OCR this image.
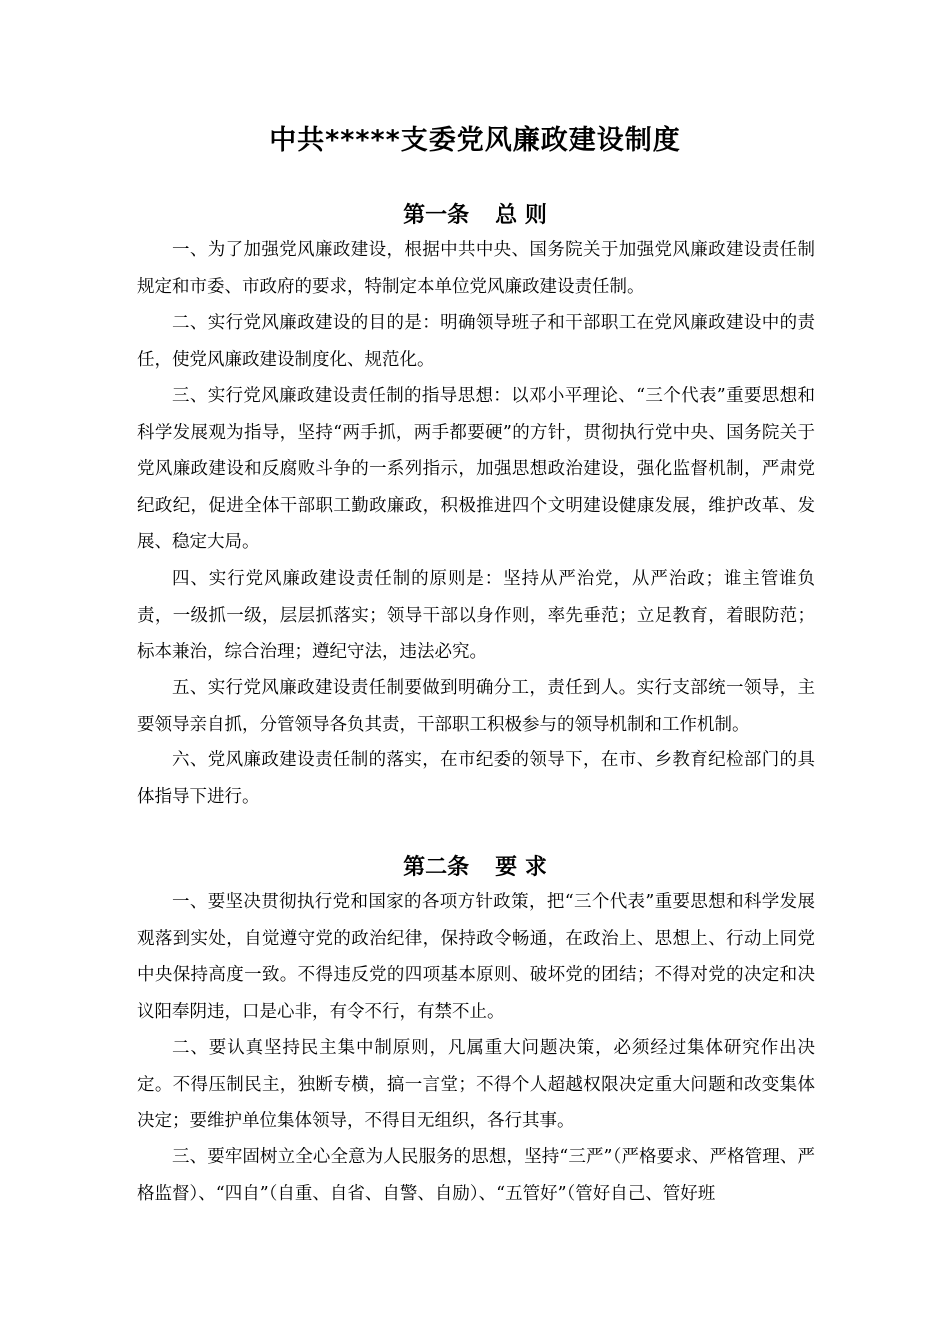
中共*****支委党风廉政建设制度
第一条 总 则

一、为了加强党风廉政建设，根据中共中央、国务院关于加强党风廉政建设责任制规定和市委、市政府的要求，特制定本单位党风廉政建设责任制。

二、实行党风廉政建设的目的是：明确领导班子和干部职工在党风廉政建设中的责任，使党风廉政建设制度化、规范化。

三、实行党风廉政建设责任制的指导思想：以邓小平理论、“三个代表”重要思想和科学发展观为指导，坚持“两手抓，两手都要硬”的方针，贯彻执行党中央、国务院关于党风廉政建设和反腐败斗争的一系列指示，加强思想政治建设，强化监督机制，严肃党纪政纪，促进全体干部职工勤政廉政，积极推进四个文明建设健康发展，维护改革、发展、稳定大局。

四、实行党风廉政建设责任制的原则是：坚持从严治党，从严治政；谁主管谁负责，一级抓一级，层层抓落实；领导干部以身作则，率先垂范；立足教育，着眼防范；标本兼治，综合治理；遵纪守法，违法必究。

五、实行党风廉政建设责任制要做到明确分工，责任到人。实行支部统一领导，主要领导亲自抓，分管领导各负其责，干部职工积极参与的领导机制和工作机制。

六、党风廉政建设责任制的落实，在市纪委的领导下，在市、乡教育纪检部门的具体指导下进行。

第二条 要 求

一、要坚决贯彻执行党和国家的各项方针政策，把“三个代表”重要思想和科学发展观落到实处，自觉遵守党的政治纪律，保持政令畅通，在政治上、思想上、行动上同党中央保持高度一致。不得违反党的四项基本原则、破坏党的团结；不得对党的决定和决议阳奉阴违，口是心非，有令不行，有禁不止。

二、要认真坚持民主集中制原则，凡属重大问题决策，必须经过集体研究作出决定。不得压制民主，独断专横，搞一言堂；不得个人超越权限决定重大问题和改变集体决定；要维护单位集体领导，不得目无组织，各行其事。

三、要牢固树立全心全意为人民服务的思想，坚持“三严”（严格要求、严格管理、严格监督）、“四自”（自重、自省、自警、自励）、“五管好”（管好自己、管好班
